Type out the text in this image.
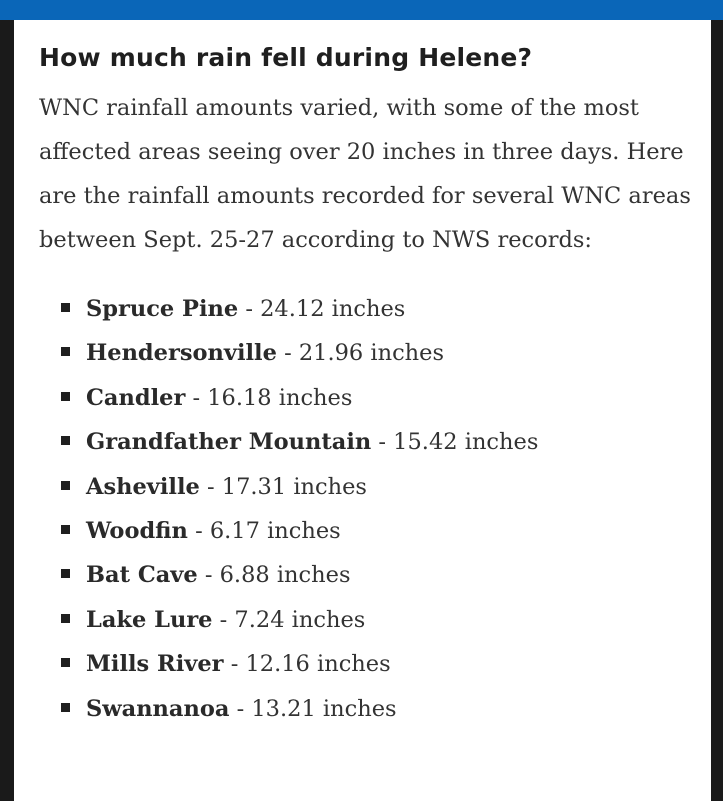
How much rain fell during Helene?

WNC rainfall amounts varied, with some of the most affected areas seeing over 20 inches in three days. Here are the rainfall amounts recorded for several WNC areas between Sept. 25-27 according to NWS records:

Spruce Pine - 24.12 inches
Hendersonville - 21.96 inches
Candler - 16.18 inches
Grandfather Mountain - 15.42 inches
Asheville - 17.31 inches
Woodfin - 6.17 inches
Bat Cave - 6.88 inches
Lake Lure - 7.24 inches
Mills River - 12.16 inches
Swannanoa - 13.21 inches
